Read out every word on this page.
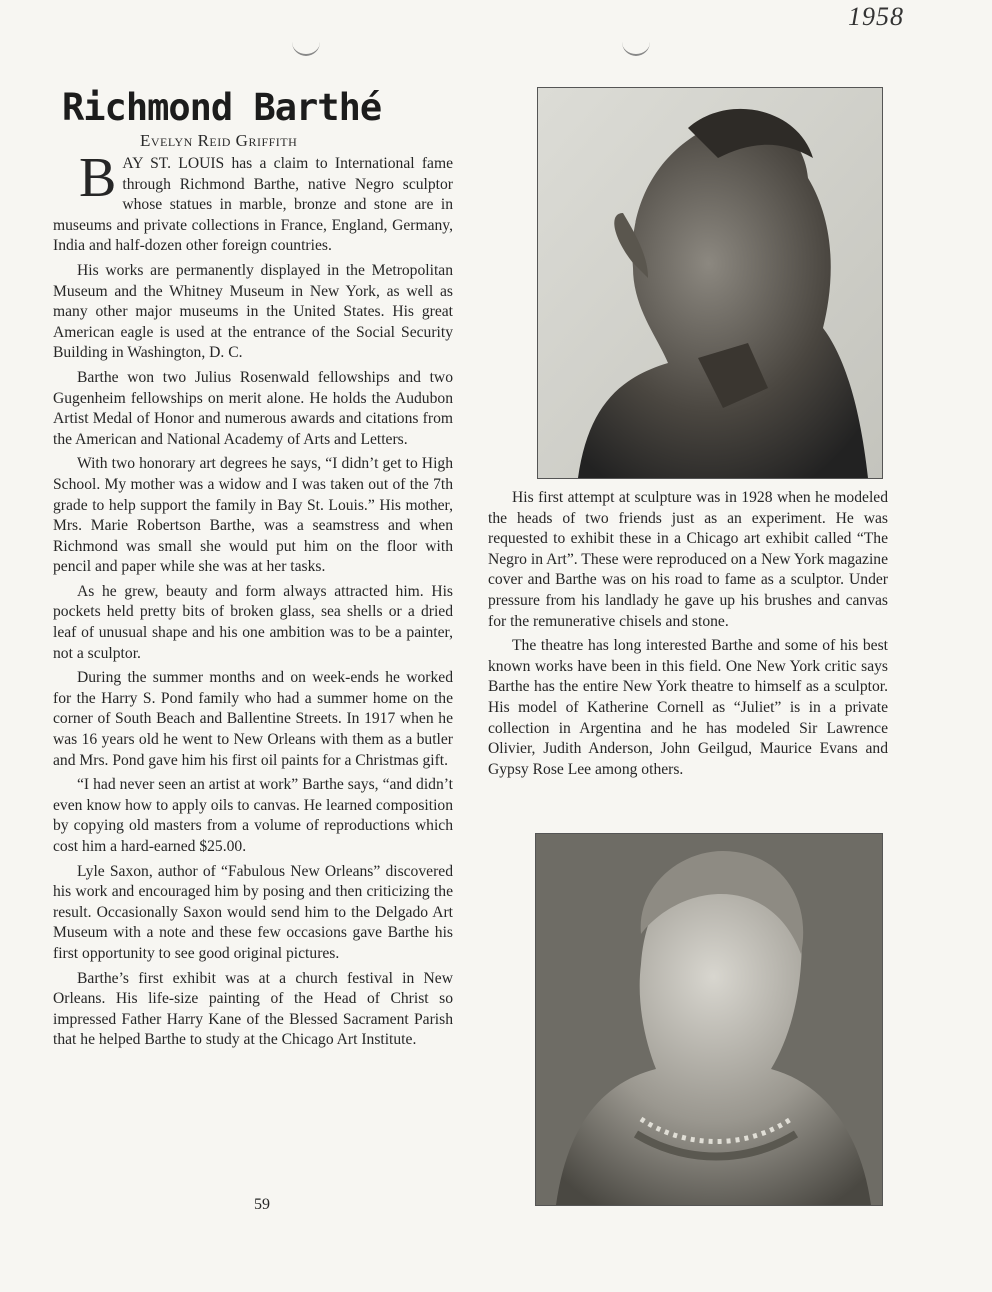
1958
Richmond Barthé
Evelyn Reid Griffith

BAY ST. LOUIS has a claim to International fame through Richmond Barthe, native Negro sculptor whose statues in marble, bronze and stone are in museums and private collections in France, England, Germany, India and half-dozen other foreign countries.

His works are permanently displayed in the Metropolitan Museum and the Whitney Museum in New York, as well as many other major museums in the United States. His great American eagle is used at the entrance of the Social Security Building in Washington, D. C.

Barthe won two Julius Rosenwald fellowships and two Gugenheim fellowships on merit alone. He holds the Audubon Artist Medal of Honor and numerous awards and citations from the American and National Academy of Arts and Letters.

With two honorary art degrees he says, “I didn’t get to High School. My mother was a widow and I was taken out of the 7th grade to help support the family in Bay St. Louis.” His mother, Mrs. Marie Robertson Barthe, was a seamstress and when Richmond was small she would put him on the floor with pencil and paper while she was at her tasks.

As he grew, beauty and form always attracted him. His pockets held pretty bits of broken glass, sea shells or a dried leaf of unusual shape and his one ambition was to be a painter, not a sculptor.

During the summer months and on week-ends he worked for the Harry S. Pond family who had a summer home on the corner of South Beach and Ballentine Streets. In 1917 when he was 16 years old he went to New Orleans with them as a butler and Mrs. Pond gave him his first oil paints for a Christmas gift.

“I had never seen an artist at work” Barthe says, “and didn’t even know how to apply oils to canvas. He learned composition by copying old masters from a volume of reproductions which cost him a hard-earned $25.00.

Lyle Saxon, author of “Fabulous New Orleans” discovered his work and encouraged him by posing and then criticizing the result. Occasionally Saxon would send him to the Delgado Art Museum with a note and these few occasions gave Barthe his first opportunity to see good original pictures.

Barthe’s first exhibit was at a church festival in New Orleans. His life-size painting of the Head of Christ so impressed Father Harry Kane of the Blessed Sacrament Parish that he helped Barthe to study at the Chicago Art Institute.

His first attempt at sculpture was in 1928 when he modeled the heads of two friends just as an experiment. He was requested to exhibit these in a Chicago art exhibit called “The Negro in Art”. These were reproduced on a New York magazine cover and Barthe was on his road to fame as a sculptor. Under pressure from his landlady he gave up his brushes and canvas for the remunerative chisels and stone.

The theatre has long interested Barthe and some of his best known works have been in this field. One New York critic says Barthe has the entire New York theatre to himself as a sculptor. His model of Katherine Cornell as “Juliet” is in a private collection in Argentina and he has modeled Sir Lawrence Olivier, Judith Anderson, John Geilgud, Maurice Evans and Gypsy Rose Lee among others.

59
